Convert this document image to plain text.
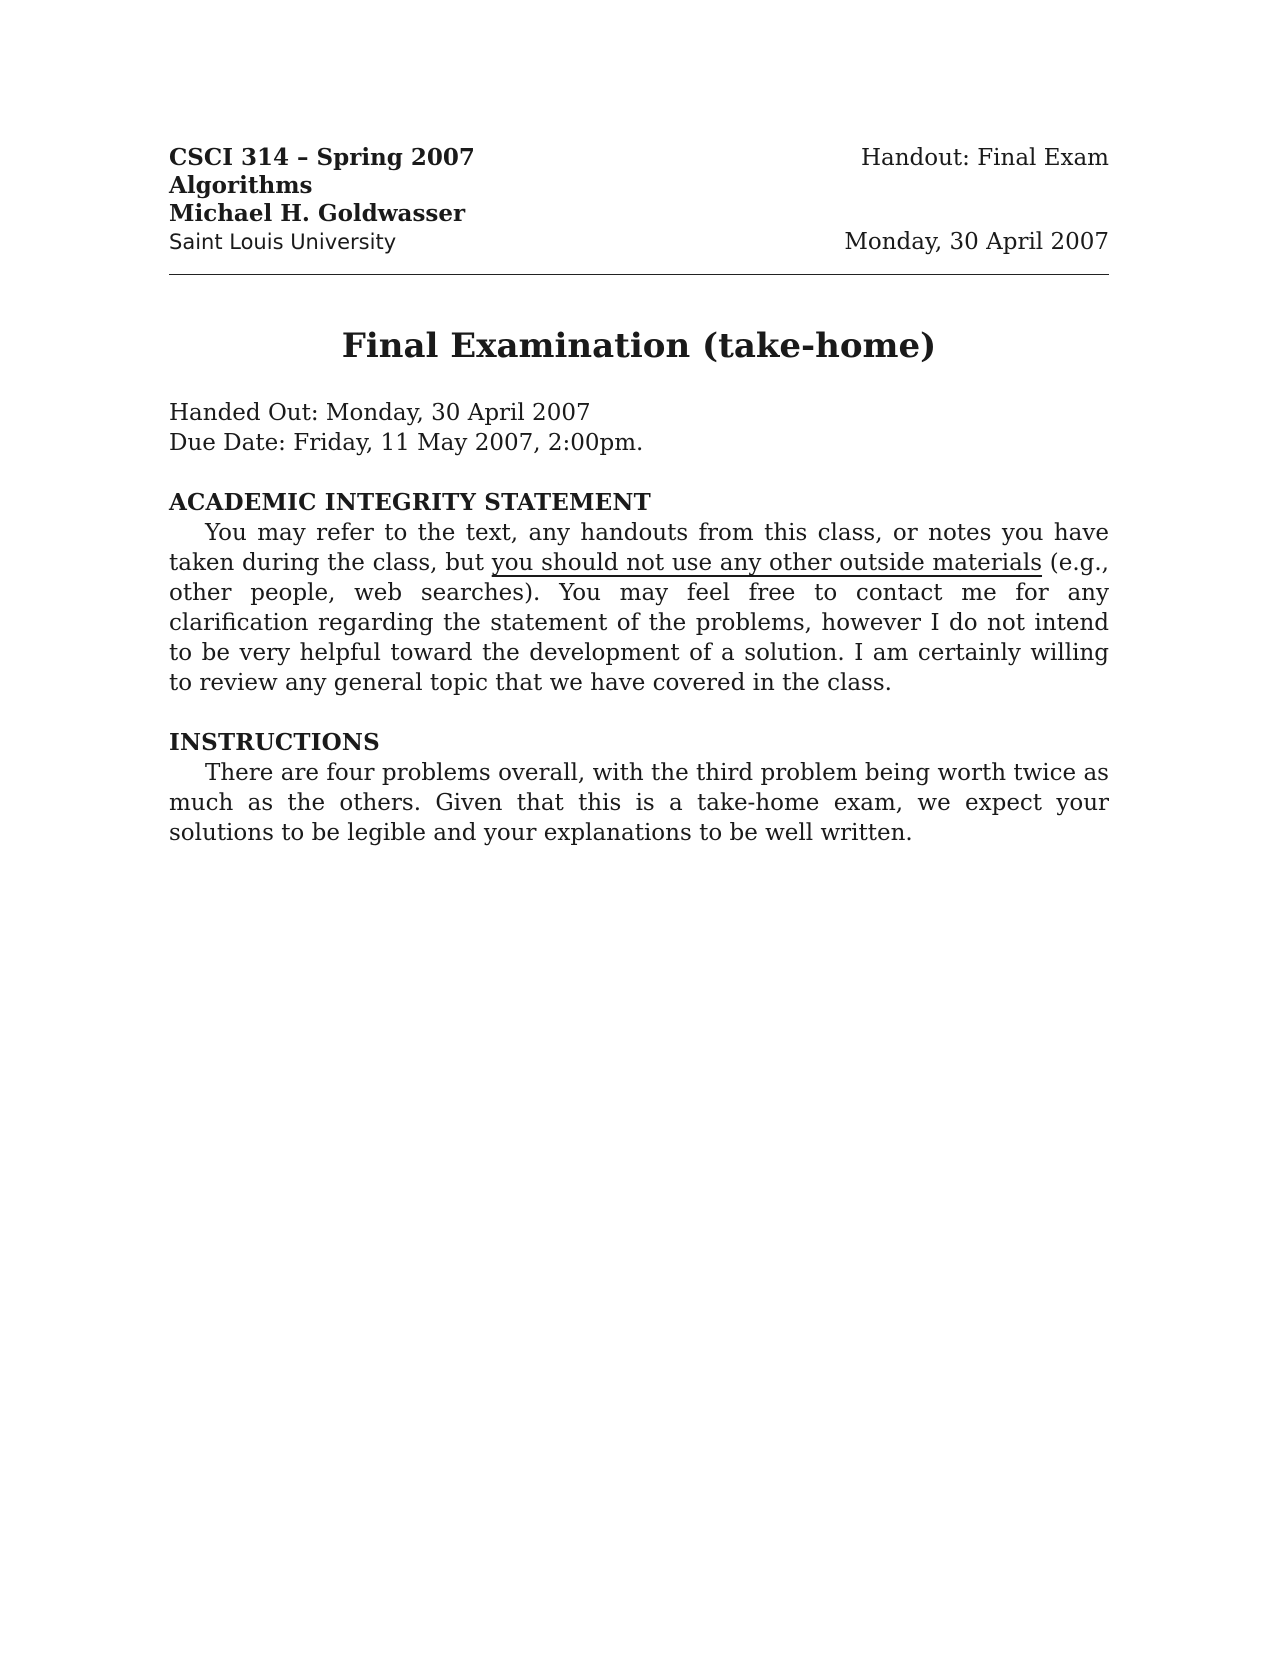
CSCI 314 – Spring 2007
Algorithms
Michael H. Goldwasser
Saint Louis University
Handout: Final Exam
Monday, 30 April 2007
Final Examination (take-home)
Handed Out: Monday, 30 April 2007
Due Date: Friday, 11 May 2007, 2:00pm.
ACADEMIC INTEGRITY STATEMENT

You may refer to the text, any handouts from this class, or notes you have taken during the class, but you should not use any other outside materials (e.g., other people, web searches). You may feel free to contact me for any clarification regarding the statement of the problems, however I do not intend to be very helpful toward the development of a solution. I am certainly willing to review any general topic that we have covered in the class.

INSTRUCTIONS

There are four problems overall, with the third problem being worth twice as much as the others. Given that this is a take-home exam, we expect your solutions to be legible and your explanations to be well written.
